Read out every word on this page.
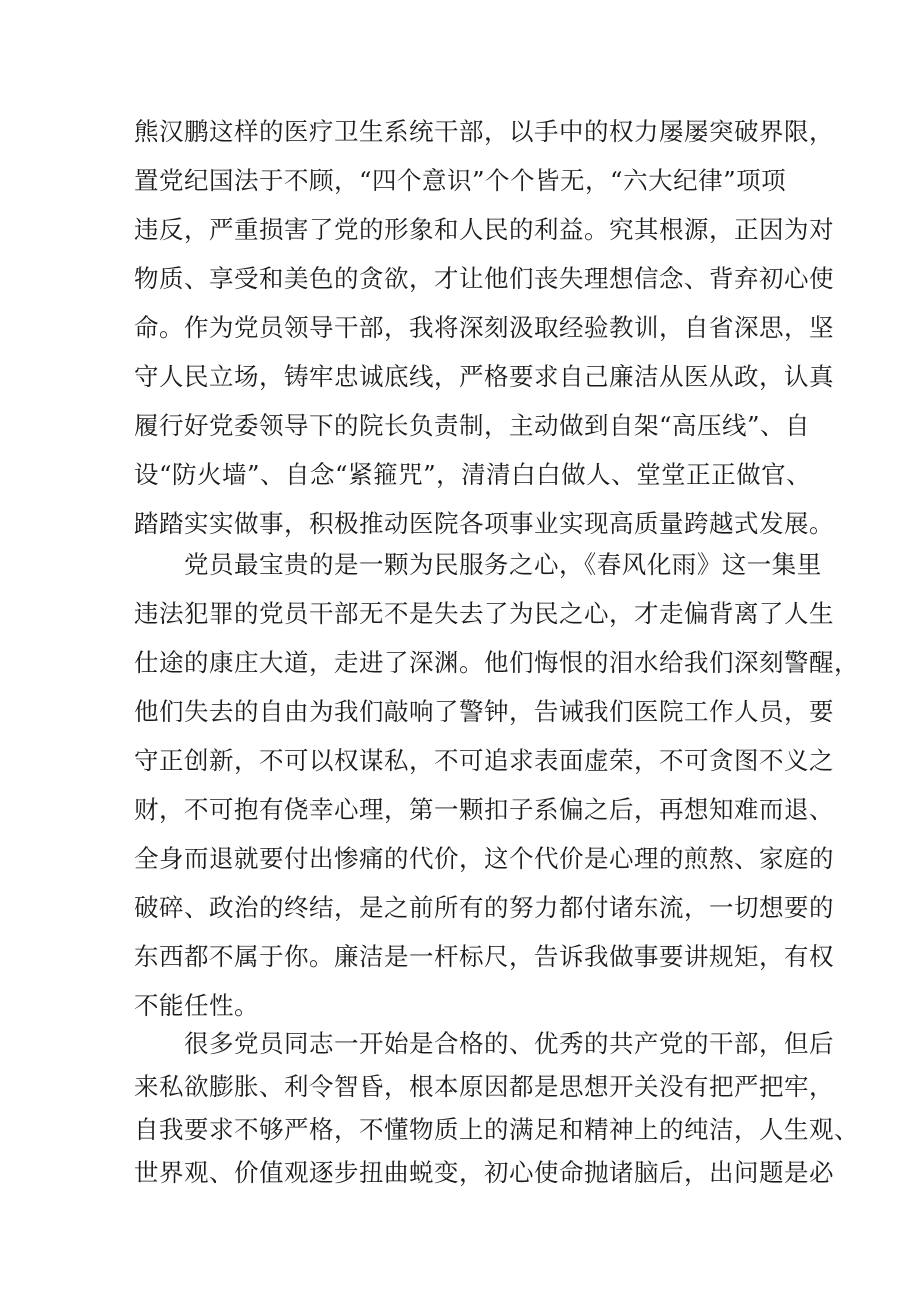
熊汉鹏这样的医疗卫生系统干部，以手中的权力屡屡突破界限，
置党纪国法于不顾，“四个意识”个个皆无，“六大纪律”项项
违反，严重损害了党的形象和人民的利益。究其根源，正因为对
物质、享受和美色的贪欲，才让他们丧失理想信念、背弃初心使
命。作为党员领导干部，我将深刻汲取经验教训，自省深思，坚
守人民立场，铸牢忠诚底线，严格要求自己廉洁从医从政，认真
履行好党委领导下的院长负责制，主动做到自架“高压线”、自
设“防火墙”、自念“紧箍咒”，清清白白做人、堂堂正正做官、
踏踏实实做事，积极推动医院各项事业实现高质量跨越式发展。
　　党员最宝贵的是一颗为民服务之心，《春风化雨》这一集里
违法犯罪的党员干部无不是失去了为民之心，才走偏背离了人生
仕途的康庄大道，走进了深渊。他们悔恨的泪水给我们深刻警醒，
他们失去的自由为我们敲响了警钟，告诫我们医院工作人员，要
守正创新，不可以权谋私，不可追求表面虚荣，不可贪图不义之
财，不可抱有侥幸心理，第一颗扣子系偏之后，再想知难而退、
全身而退就要付出惨痛的代价，这个代价是心理的煎熬、家庭的
破碎、政治的终结，是之前所有的努力都付诸东流，一切想要的
东西都不属于你。廉洁是一杆标尺，告诉我做事要讲规矩，有权
不能任性。
　　很多党员同志一开始是合格的、优秀的共产党的干部，但后
来私欲膨胀、利令智昏，根本原因都是思想开关没有把严把牢，
自我要求不够严格，不懂物质上的满足和精神上的纯洁，人生观、
世界观、价值观逐步扭曲蜕变，初心使命抛诸脑后，出问题是必
